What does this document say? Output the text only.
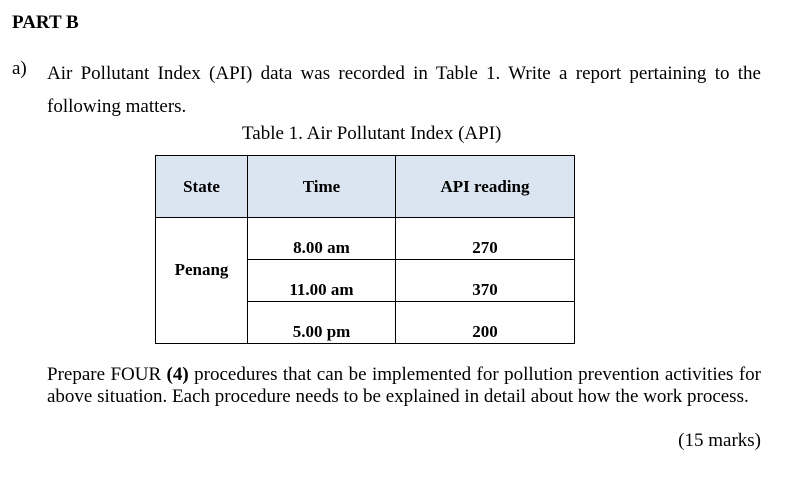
PART B
a) Air Pollutant Index (API) data was recorded in Table 1. Write a report pertaining to the following matters.
Table 1. Air Pollutant Index (API)
State	Time	API reading
Penang	8.00 am	270
	11.00 am	370
	5.00 pm	200
Prepare FOUR (4) procedures that can be implemented for pollution prevention activities for above situation. Each procedure needs to be explained in detail about how the work process.
(15 marks)
